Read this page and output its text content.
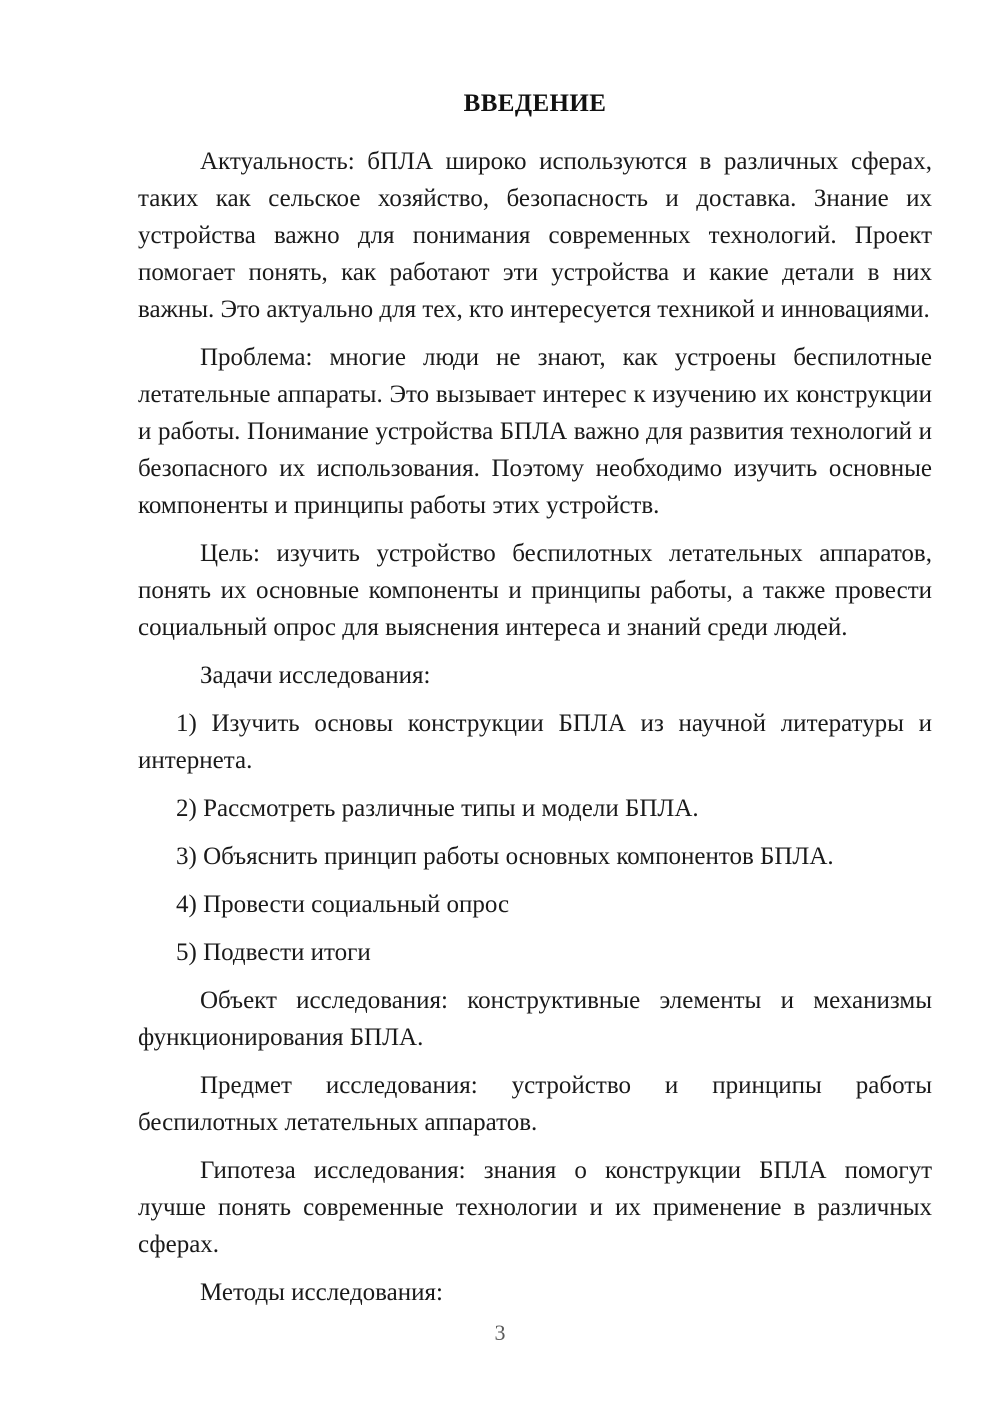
ВВЕДЕНИЕ

Актуальность: бПЛА широко используются в различных сферах, таких как сельское хозяйство, безопасность и доставка. Знание их устройства важно для понимания современных технологий. Проект помогает понять, как работают эти устройства и какие детали в них важны. Это актуально для тех, кто интересуется техникой и инновациями.

Проблема: многие люди не знают, как устроены беспилотные летательные аппараты. Это вызывает интерес к изучению их конструкции и работы. Понимание устройства БПЛА важно для развития технологий и безопасного их использования. Поэтому необходимо изучить основные компоненты и принципы работы этих устройств.

Цель: изучить устройство беспилотных летательных аппаратов, понять их основные компоненты и принципы работы, а также провести социальный опрос для выяснения интереса и знаний среди людей.

Задачи исследования:

1) Изучить основы конструкции БПЛА из научной литературы и интернета.
2) Рассмотреть различные типы и модели БПЛА.
3) Объяснить принцип работы основных компонентов БПЛА.
4) Провести социальный опрос
5) Подвести итоги

Объект исследования: конструктивные элементы и механизмы функционирования БПЛА.

Предмет исследования: устройство и принципы работы беспилотных летательных аппаратов.

Гипотеза исследования: знания о конструкции БПЛА помогут лучше понять современные технологии и их применение в различных сферах.

Методы исследования:

3
